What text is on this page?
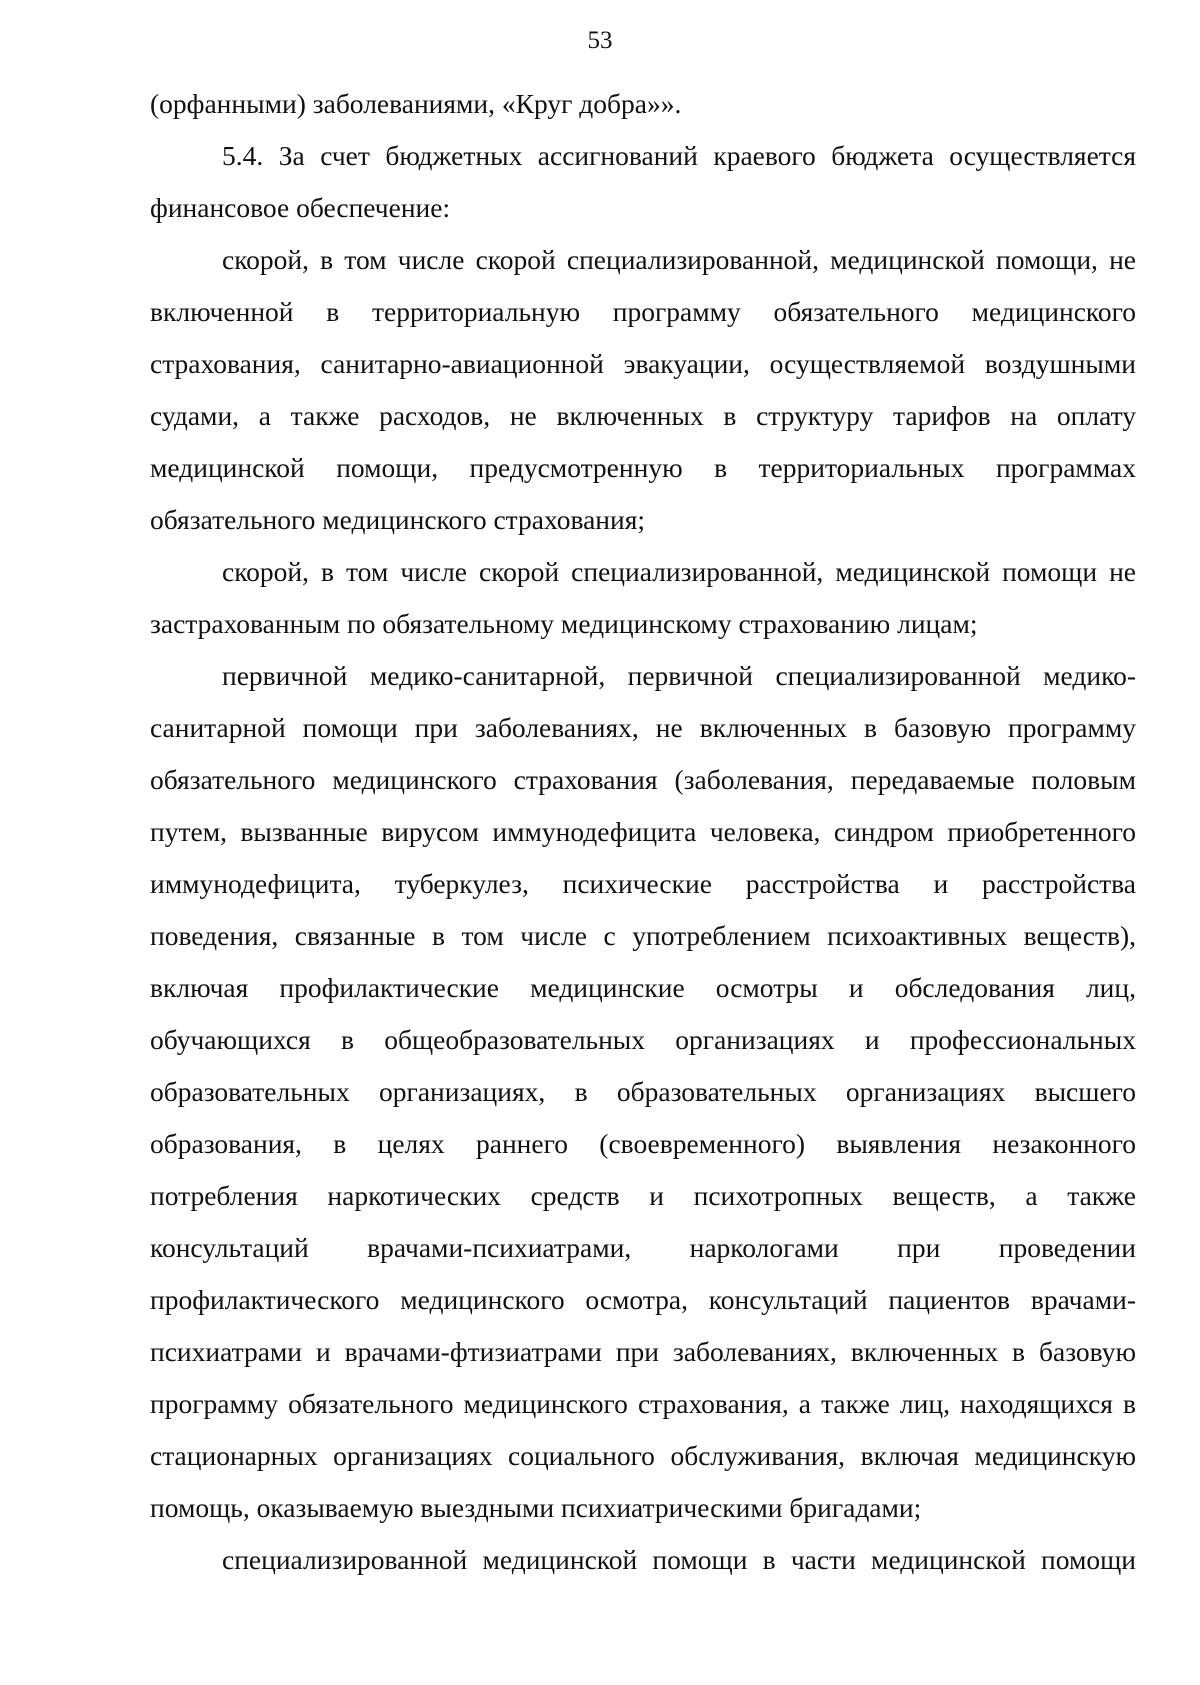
53

(орфанными) заболеваниями, «Круг добра»».

5.4. За счет бюджетных ассигнований краевого бюджета осуществляется финансовое обеспечение:

скорой, в том числе скорой специализированной, медицинской помощи, не включенной в территориальную программу обязательного медицинского страхования, санитарно-авиационной эвакуации, осуществляемой воздушными судами, а также расходов, не включенных в структуру тарифов на оплату медицинской помощи, предусмотренную в территориальных программах обязательного медицинского страхования;

скорой, в том числе скорой специализированной, медицинской помощи не застрахованным по обязательному медицинскому страхованию лицам;

первичной медико-санитарной, первичной специализированной медико-санитарной помощи при заболеваниях, не включенных в базовую программу обязательного медицинского страхования (заболевания, передаваемые половым путем, вызванные вирусом иммунодефицита человека, синдром приобретенного иммунодефицита, туберкулез, психические расстройства и расстройства поведения, связанные в том числе с употреблением психоактивных веществ), включая профилактические медицинские осмотры и обследования лиц, обучающихся в общеобразовательных организациях и профессиональных образовательных организациях, в образовательных организациях высшего образования, в целях раннего (своевременного) выявления незаконного потребления наркотических средств и психотропных веществ, а также консультаций врачами-психиатрами, наркологами при проведении профилактического медицинского осмотра, консультаций пациентов врачами-психиатрами и врачами-фтизиатрами при заболеваниях, включенных в базовую программу обязательного медицинского страхования, а также лиц, находящихся в стационарных организациях социального обслуживания, включая медицинскую помощь, оказываемую выездными психиатрическими бригадами;

специализированной медицинской помощи в части медицинской помощи
